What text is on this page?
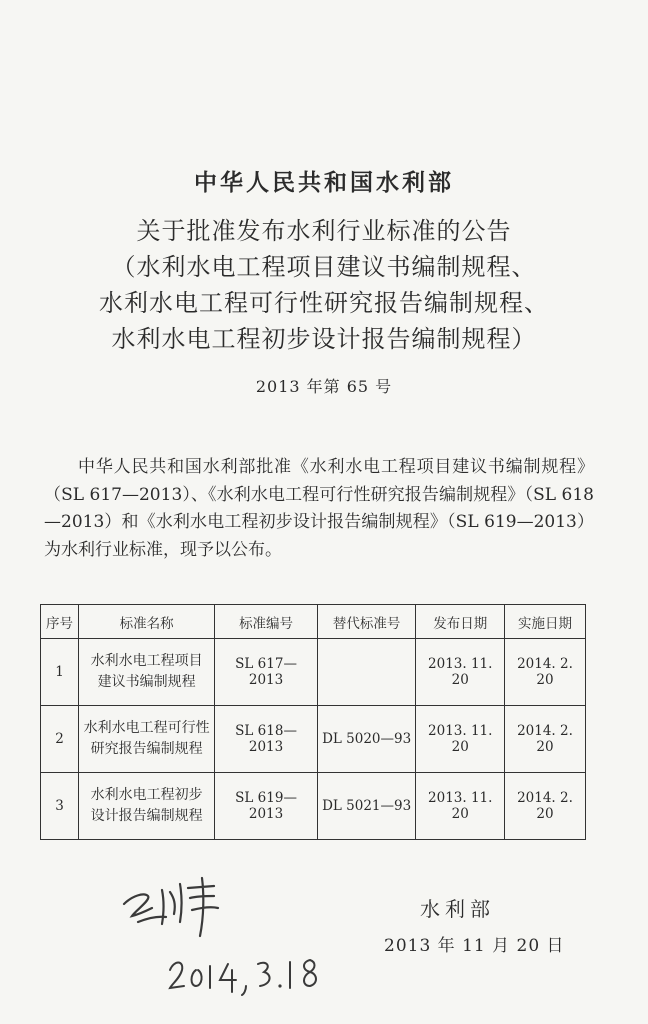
中华人民共和国水利部
关于批准发布水利行业标准的公告
（水利水电工程项目建议书编制规程、
水利水电工程可行性研究报告编制规程、
水利水电工程初步设计报告编制规程）
2013 年第 65 号

中华人民共和国水利部批准《水利水电工程项目建议书编制规程》（SL 617—2013）、《水利水电工程可行性研究报告编制规程》（SL 618—2013）和《水利水电工程初步设计报告编制规程》（SL 619—2013）为水利行业标准，现予以公布。

序号	标准名称	标准编号	替代标准号	发布日期	实施日期
1	水利水电工程项目
建议书编制规程	SL 617—2013		2013. 11. 20	2014. 2. 20
2	水利水电工程可行性
研究报告编制规程	SL 618—2013	DL 5020—93	2013. 11. 20	2014. 2. 20
3	水利水电工程初步
设计报告编制规程	SL 619—2013	DL 5021—93	2013. 11. 20	2014. 2. 20
水利部
2013 年 11 月 20 日
